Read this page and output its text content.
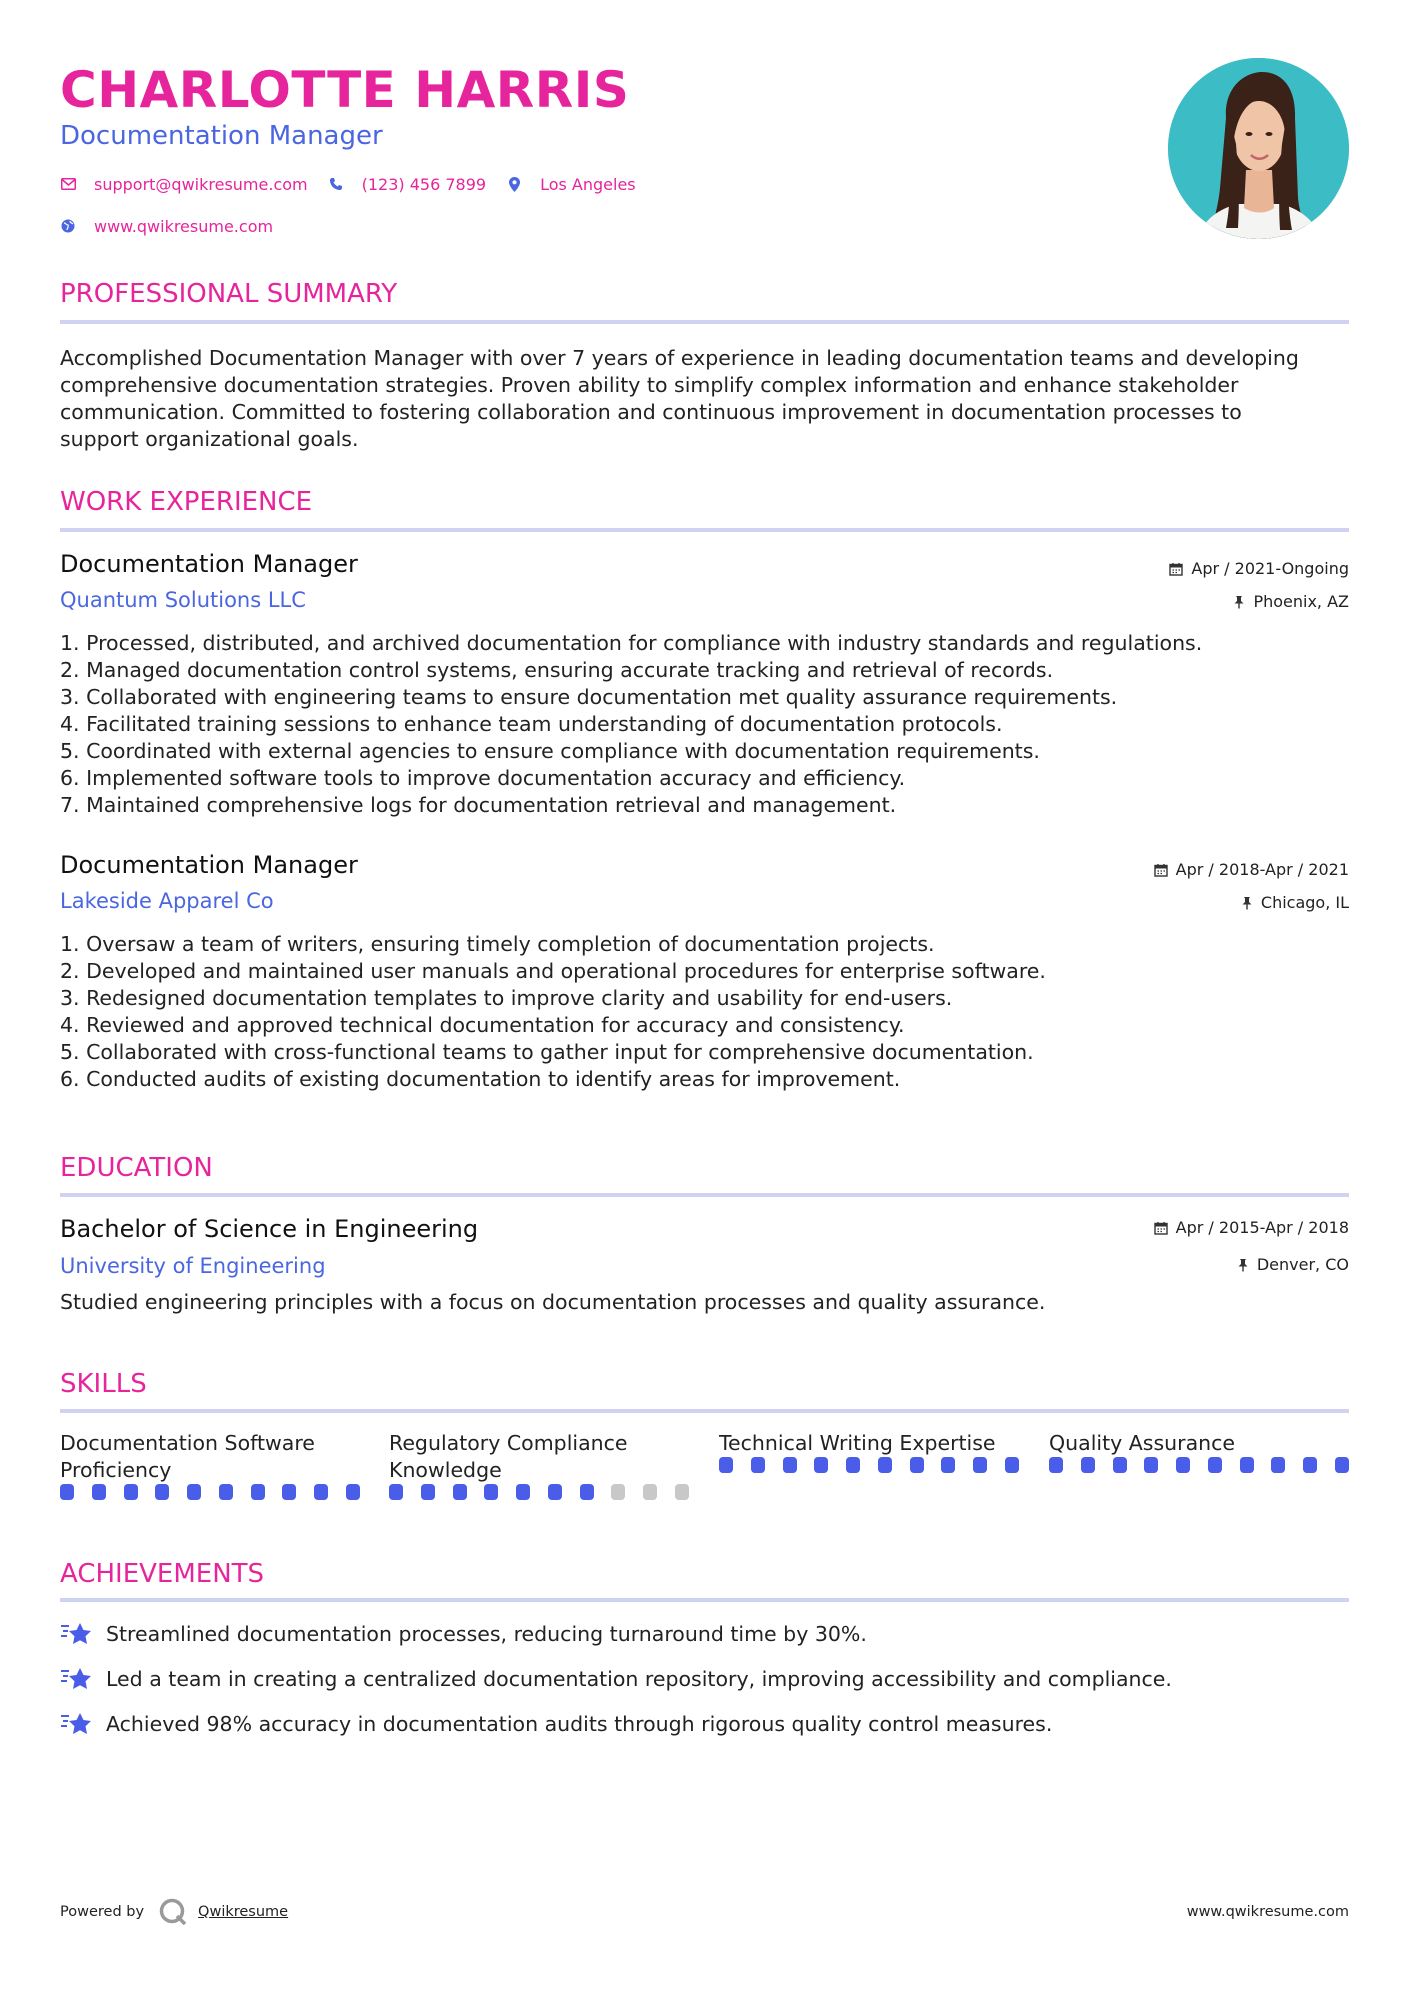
CHARLOTTE HARRIS
Documentation Manager
support@qwikresume.com	(123) 456 7899	Los Angeles
www.qwikresume.com
PROFESSIONAL SUMMARY
Accomplished Documentation Manager with over 7 years of experience in leading documentation teams and developing
comprehensive documentation strategies. Proven ability to simplify complex information and enhance stakeholder
communication. Committed to fostering collaboration and continuous improvement in documentation processes to
support organizational goals.
WORK EXPERIENCE
Documentation Manager	Apr / 2021-Ongoing
Quantum Solutions LLC	Phoenix, AZ
1. Processed, distributed, and archived documentation for compliance with industry standards and regulations.
2. Managed documentation control systems, ensuring accurate tracking and retrieval of records.
3. Collaborated with engineering teams to ensure documentation met quality assurance requirements.
4. Facilitated training sessions to enhance team understanding of documentation protocols.
5. Coordinated with external agencies to ensure compliance with documentation requirements.
6. Implemented software tools to improve documentation accuracy and efficiency.
7. Maintained comprehensive logs for documentation retrieval and management.
Documentation Manager	Apr / 2018-Apr / 2021
Lakeside Apparel Co	Chicago, IL
1. Oversaw a team of writers, ensuring timely completion of documentation projects.
2. Developed and maintained user manuals and operational procedures for enterprise software.
3. Redesigned documentation templates to improve clarity and usability for end-users.
4. Reviewed and approved technical documentation for accuracy and consistency.
5. Collaborated with cross-functional teams to gather input for comprehensive documentation.
6. Conducted audits of existing documentation to identify areas for improvement.
EDUCATION
Bachelor of Science in Engineering	Apr / 2015-Apr / 2018
University of Engineering	Denver, CO
Studied engineering principles with a focus on documentation processes and quality assurance.
SKILLS
Documentation Software
Proficiency
Regulatory Compliance
Knowledge
Technical Writing Expertise	Quality Assurance
ACHIEVEMENTS
Streamlined documentation processes, reducing turnaround time by 30%.
Led a team in creating a centralized documentation repository, improving accessibility and compliance.
Achieved 98% accuracy in documentation audits through rigorous quality control measures.
Powered by	Qwikresume	www.qwikresume.com
